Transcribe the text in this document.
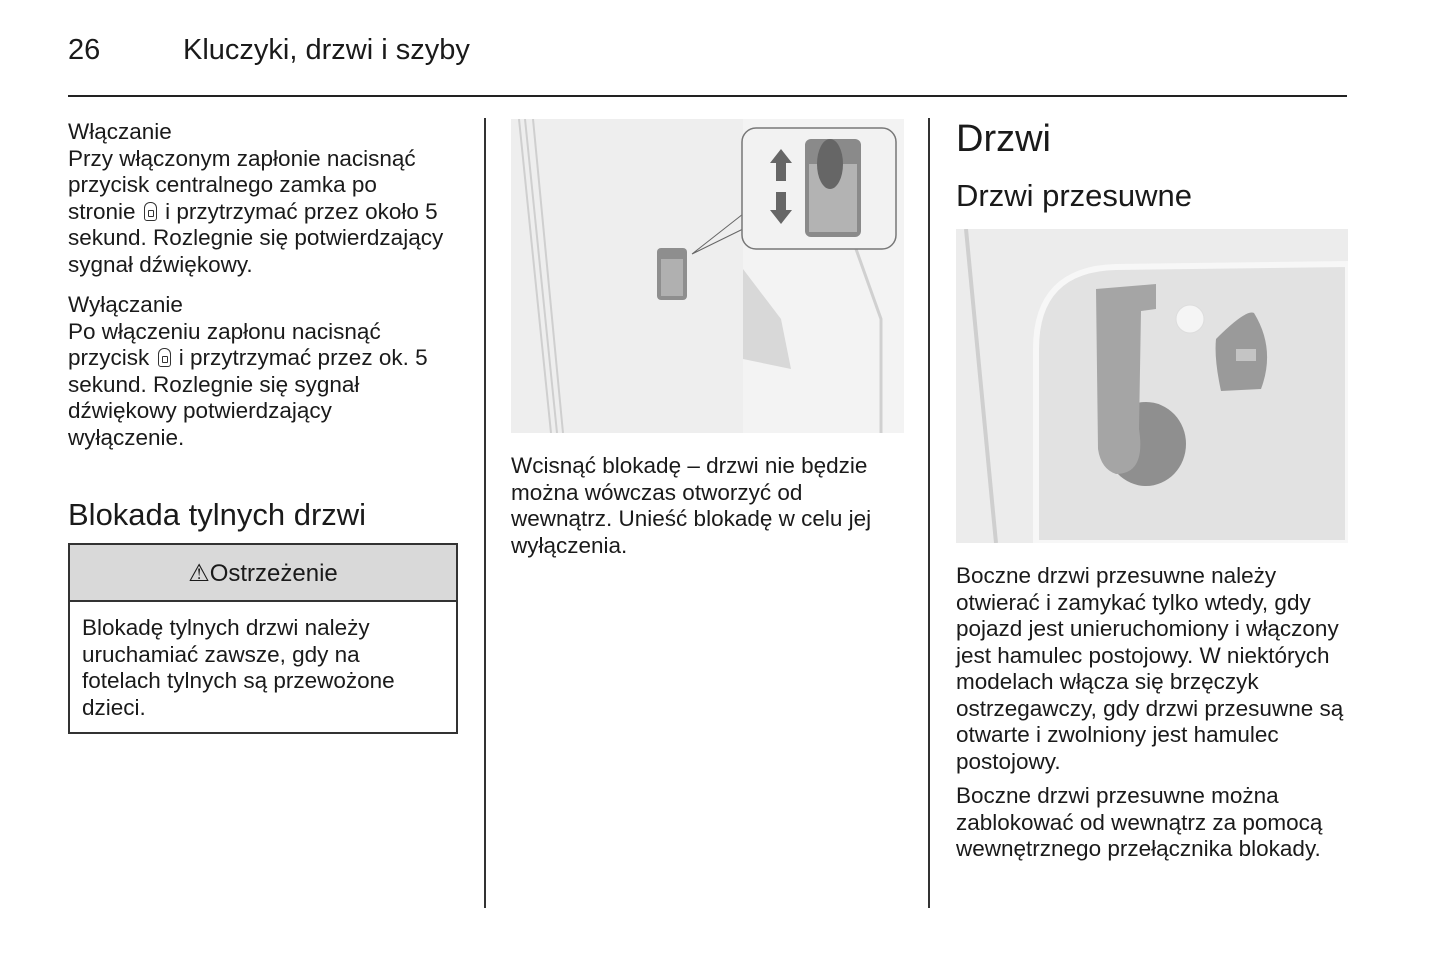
26	Kluczyki, drzwi i szyby
Włączanie
Przy włączonym zapłonie nacisnąć przycisk centralnego zamka po stronie i przytrzymać przez około 5 sekund. Rozlegnie się potwierdzający sygnał dźwiękowy.
Wyłączanie
Po włączeniu zapłonu nacisnąć przycisk i przytrzymać przez ok. 5 sekund. Rozlegnie się sygnał dźwiękowy potwierdzający wyłączenie.
Blokada tylnych drzwi
⚠Ostrzeżenie
Blokadę tylnych drzwi należy uruchamiać zawsze, gdy na fotelach tylnych są przewożone dzieci.
Wcisnąć blokadę – drzwi nie będzie można wówczas otworzyć od wewnątrz. Unieść blokadę w celu jej wyłączenia.
Drzwi
Drzwi przesuwne
Boczne drzwi przesuwne należy otwierać i zamykać tylko wtedy, gdy pojazd jest unieruchomiony i włączony jest hamulec postojowy. W niektórych modelach włącza się brzęczyk ostrzegawczy, gdy drzwi przesuwne są otwarte i zwolniony jest hamulec postojowy.
Boczne drzwi przesuwne można zablokować od wewnątrz za pomocą wewnętrznego przełącznika blokady.
